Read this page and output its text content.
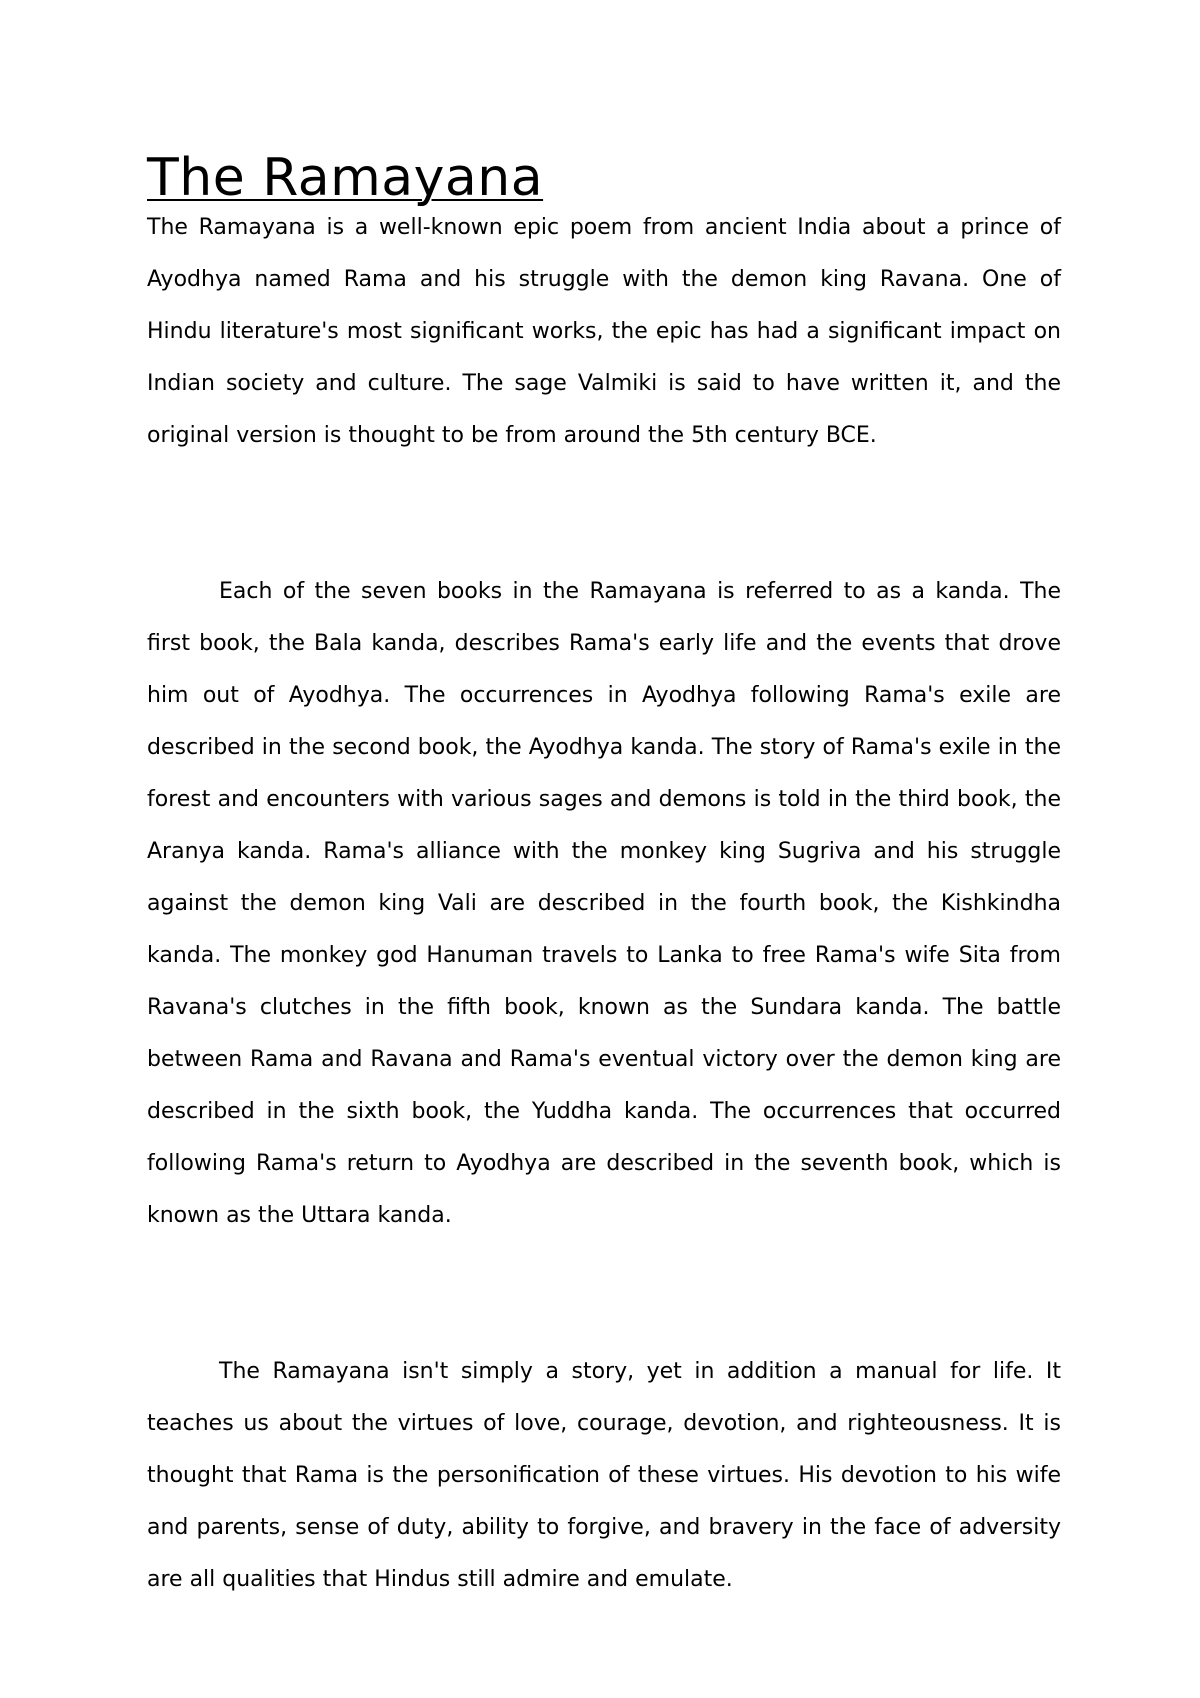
The Ramayana

The Ramayana is a well-known epic poem from ancient India about a prince of Ayodhya named Rama and his struggle with the demon king Ravana. One of Hindu literature's most significant works, the epic has had a significant impact on Indian society and culture. The sage Valmiki is said to have written it, and the original version is thought to be from around the 5th century BCE.

Each of the seven books in the Ramayana is referred to as a kanda. The first book, the Bala kanda, describes Rama's early life and the events that drove him out of Ayodhya. The occurrences in Ayodhya following Rama's exile are described in the second book, the Ayodhya kanda. The story of Rama's exile in the forest and encounters with various sages and demons is told in the third book, the Aranya kanda. Rama's alliance with the monkey king Sugriva and his struggle against the demon king Vali are described in the fourth book, the Kishkindha kanda. The monkey god Hanuman travels to Lanka to free Rama's wife Sita from Ravana's clutches in the fifth book, known as the Sundara kanda. The battle between Rama and Ravana and Rama's eventual victory over the demon king are described in the sixth book, the Yuddha kanda. The occurrences that occurred following Rama's return to Ayodhya are described in the seventh book, which is known as the Uttara kanda.

The Ramayana isn't simply a story, yet in addition a manual for life. It teaches us about the virtues of love, courage, devotion, and righteousness. It is thought that Rama is the personification of these virtues. His devotion to his wife and parents, sense of duty, ability to forgive, and bravery in the face of adversity are all qualities that Hindus still admire and emulate.
